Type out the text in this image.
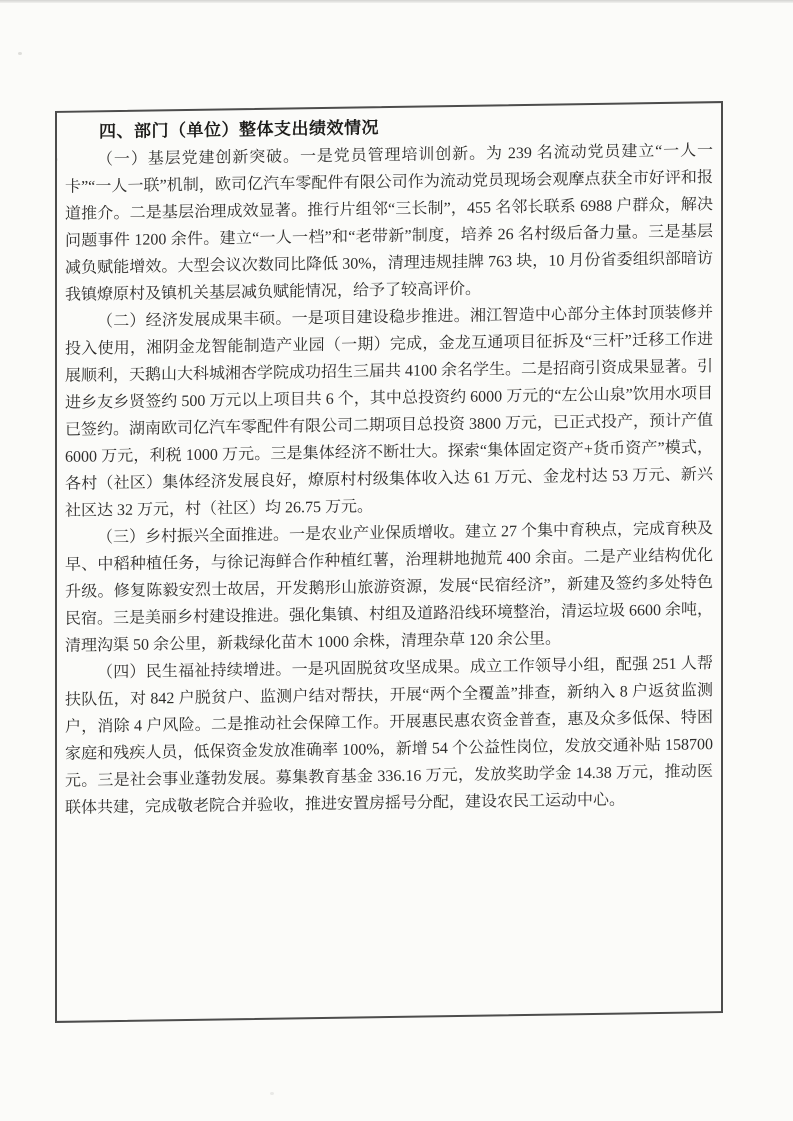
四、部门（单位）整体支出绩效情况

（一）基层党建创新突破。一是党员管理培训创新。为 239 名流动党员建立“一人一卡”“一人一联”机制，欧司亿汽车零配件有限公司作为流动党员现场会观摩点获全市好评和报道推介。二是基层治理成效显著。推行片组邻“三长制”，455 名邻长联系 6988 户群众，解决问题事件 1200 余件。建立“一人一档”和“老带新”制度，培养 26 名村级后备力量。三是基层减负赋能增效。大型会议次数同比降低 30%，清理违规挂牌 763 块，10 月份省委组织部暗访我镇燎原村及镇机关基层减负赋能情况，给予了较高评价。

（二）经济发展成果丰硕。一是项目建设稳步推进。湘江智造中心部分主体封顶装修并投入使用，湘阴金龙智能制造产业园（一期）完成，金龙互通项目征拆及“三杆”迁移工作进展顺利，天鹅山大科城湘杏学院成功招生三届共 4100 余名学生。二是招商引资成果显著。引进乡友乡贤签约 500 万元以上项目共 6 个，其中总投资约 6000 万元的“左公山泉”饮用水项目已签约。湖南欧司亿汽车零配件有限公司二期项目总投资 3800 万元，已正式投产，预计产值 6000 万元，利税 1000 万元。三是集体经济不断壮大。探索“集体固定资产+货币资产”模式，各村（社区）集体经济发展良好，燎原村村级集体收入达 61 万元、金龙村达 53 万元、新兴社区达 32 万元，村（社区）均 26.75 万元。

（三）乡村振兴全面推进。一是农业产业保质增收。建立 27 个集中育秧点，完成育秧及早、中稻种植任务，与徐记海鲜合作种植红薯，治理耕地抛荒 400 余亩。二是产业结构优化升级。修复陈毅安烈士故居，开发鹅形山旅游资源，发展“民宿经济”，新建及签约多处特色民宿。三是美丽乡村建设推进。强化集镇、村组及道路沿线环境整治，清运垃圾 6600 余吨，清理沟渠 50 余公里，新栽绿化苗木 1000 余株，清理杂草 120 余公里。

（四）民生福祉持续增进。一是巩固脱贫攻坚成果。成立工作领导小组，配强 251 人帮扶队伍，对 842 户脱贫户、监测户结对帮扶，开展“两个全覆盖”排查，新纳入 8 户返贫监测户，消除 4 户风险。二是推动社会保障工作。开展惠民惠农资金普查，惠及众多低保、特困家庭和残疾人员，低保资金发放准确率 100%，新增 54 个公益性岗位，发放交通补贴 158700 元。三是社会事业蓬勃发展。募集教育基金 336.16 万元，发放奖助学金 14.38 万元，推动医联体共建，完成敬老院合并验收，推进安置房摇号分配，建设农民工运动中心。
